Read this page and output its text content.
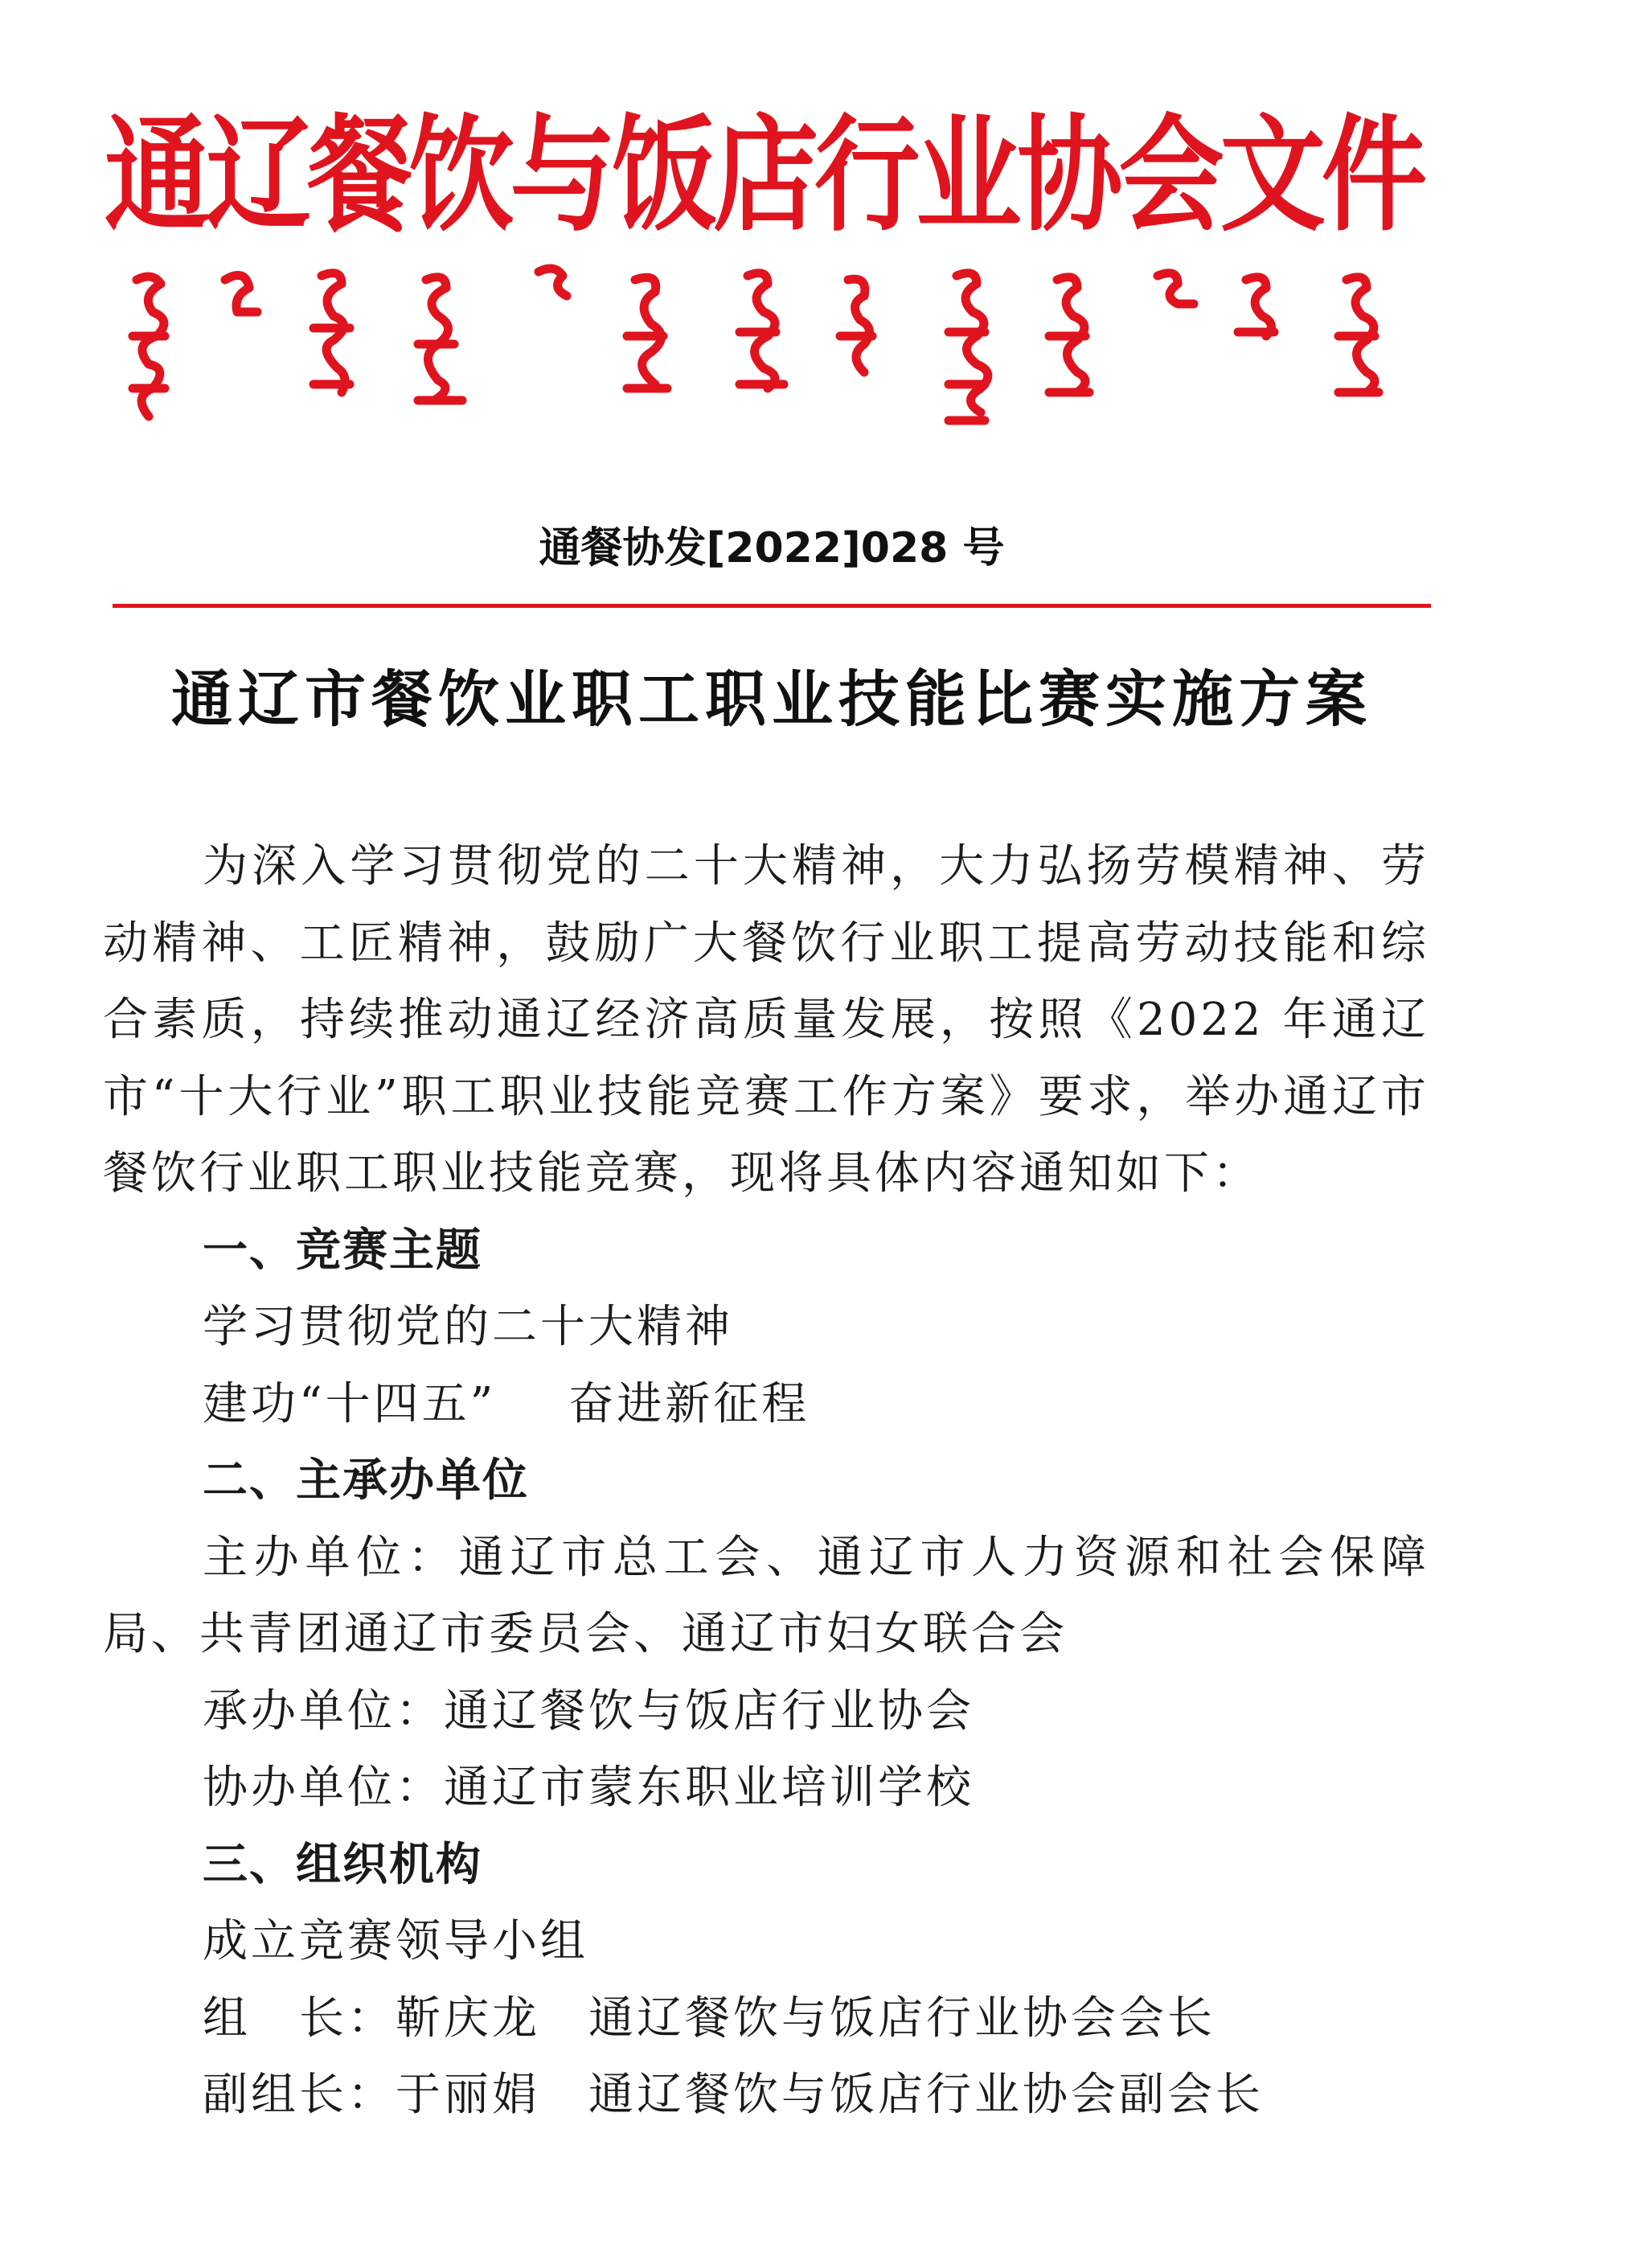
通辽餐饮与饭店行业协会文件
通餐协发[2022]028 号
通辽市餐饮业职工职业技能比赛实施方案

为深入学习贯彻党的二十大精神，大力弘扬劳模精神、劳动精神、工匠精神，鼓励广大餐饮行业职工提高劳动技能和综合素质，持续推动通辽经济高质量发展，按照《2022 年通辽市“十大行业”职工职业技能竞赛工作方案》要求，举办通辽市餐饮行业职工职业技能竞赛，现将具体内容通知如下：

一、竞赛主题

学习贯彻党的二十大精神

建功“十四五” 奋进新征程

二、主承办单位

主办单位：通辽市总工会、通辽市人力资源和社会保障局、共青团通辽市委员会、通辽市妇女联合会

承办单位：通辽餐饮与饭店行业协会

协办单位：通辽市蒙东职业培训学校

三、组织机构

成立竞赛领导小组

组　长：靳庆龙 通辽餐饮与饭店行业协会会长

副组长：于丽娟 通辽餐饮与饭店行业协会副会长
